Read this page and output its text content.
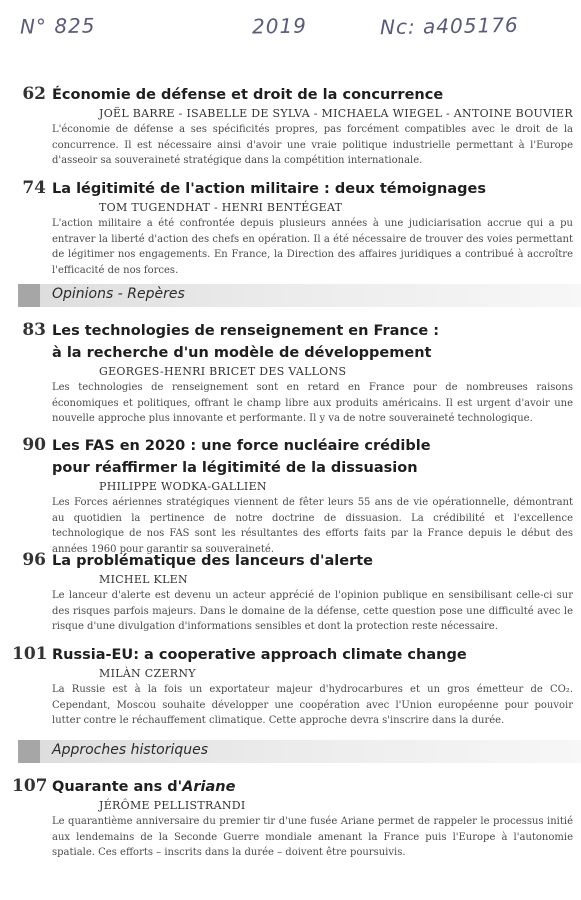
N° 825	2019	Nc: a405176
62 Économie de défense et droit de la concurrence
JOËL BARRE - ISABELLE DE SYLVA - MICHAELA WIEGEL - ANTOINE BOUVIER
L'économie de défense a ses spécificités propres, pas forcément compatibles avec le droit de la concurrence. Il est nécessaire ainsi d'avoir une vraie politique industrielle permettant à l'Europe d'asseoir sa souveraineté stratégique dans la compétition internationale.
74 La légitimité de l'action militaire : deux témoignages
TOM TUGENDHAT - HENRI BENTÉGEAT
L'action militaire a été confrontée depuis plusieurs années à une judiciarisation accrue qui a pu entraver la liberté d'action des chefs en opération. Il a été nécessaire de trouver des voies permettant de légitimer nos engagements. En France, la Direction des affaires juridiques a contribué à accroître l'efficacité de nos forces.
Opinions - Repères
83 Les technologies de renseignement en France :
à la recherche d'un modèle de développement
GEORGES-HENRI BRICET DES VALLONS
Les technologies de renseignement sont en retard en France pour de nombreuses raisons économiques et politiques, offrant le champ libre aux produits américains. Il est urgent d'avoir une nouvelle approche plus innovante et performante. Il y va de notre souveraineté technologique.
90 Les FAS en 2020 : une force nucléaire crédible
pour réaffirmer la légitimité de la dissuasion
PHILIPPE WODKA-GALLIEN
Les Forces aériennes stratégiques viennent de fêter leurs 55 ans de vie opérationnelle, démontrant au quotidien la pertinence de notre doctrine de dissuasion. La crédibilité et l'excellence technologique de nos FAS sont les résultantes des efforts faits par la France depuis le début des années 1960 pour garantir sa souveraineté.
96 La problématique des lanceurs d'alerte
MICHEL KLEN
Le lanceur d'alerte est devenu un acteur apprécié de l'opinion publique en sensibilisant celle-ci sur des risques parfois majeurs. Dans le domaine de la défense, cette question pose une difficulté avec le risque d'une divulgation d'informations sensibles et dont la protection reste nécessaire.
101 Russia-EU: a cooperative approach climate change
MILÀN CZERNY
La Russie est à la fois un exportateur majeur d'hydrocarbures et un gros émetteur de CO₂. Cependant, Moscou souhaite développer une coopération avec l'Union européenne pour pouvoir lutter contre le réchauffement climatique. Cette approche devra s'inscrire dans la durée.
Approches historiques
107 Quarante ans d'Ariane
JÉRÔME PELLISTRANDI
Le quarantième anniversaire du premier tir d'une fusée Ariane permet de rappeler le processus initié aux lendemains de la Seconde Guerre mondiale amenant la France puis l'Europe à l'autonomie spatiale. Ces efforts – inscrits dans la durée – doivent être poursuivis.
